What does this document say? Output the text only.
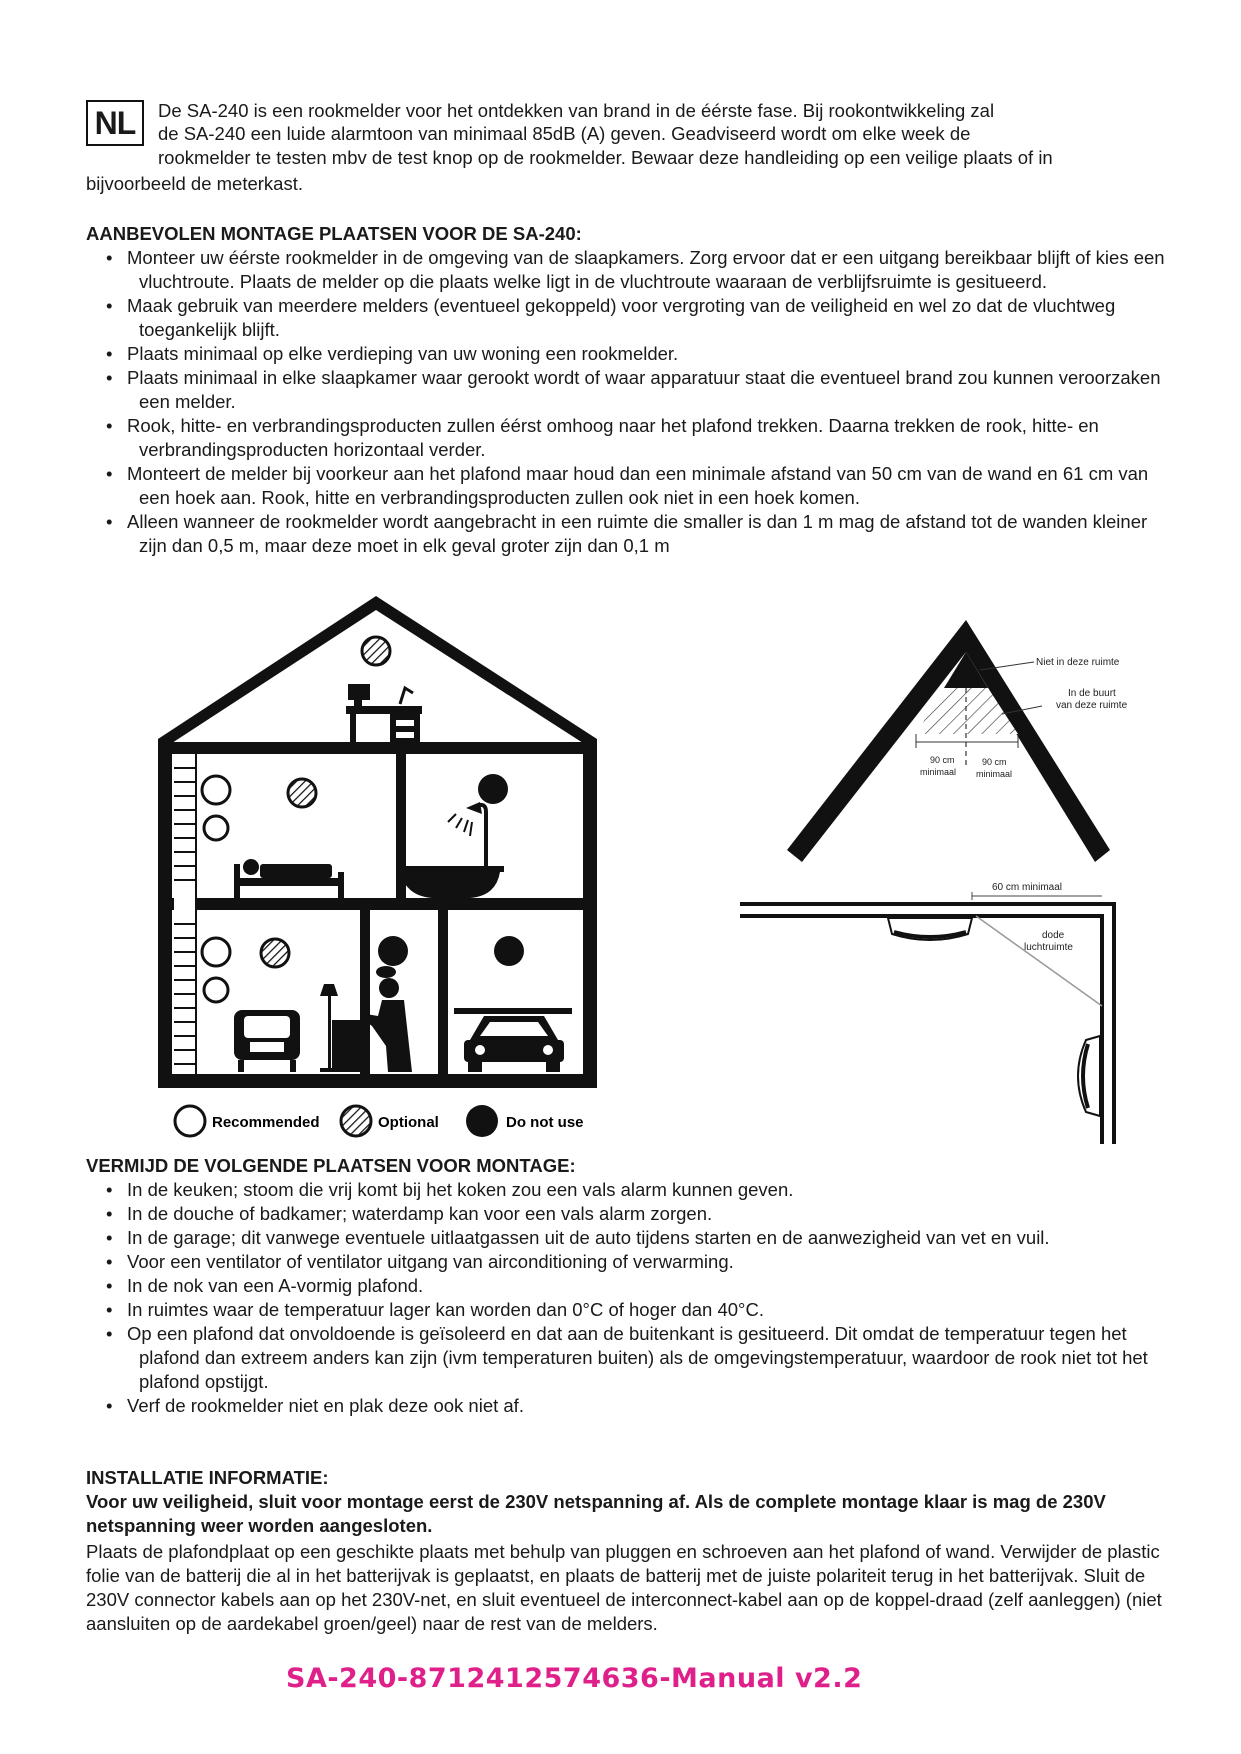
NL	De SA-240 is een rookmelder voor het ontdekken van brand in de éérste fase. Bij rookontwikkeling zal
de SA-240 een luide alarmtoon van minimaal 85dB (A) geven. Geadviseerd wordt om elke week de
rookmelder te testen mbv de test knop op de rookmelder. Bewaar deze handleiding op een veilige plaats of in
bijvoorbeeld de meterkast.
AANBEVOLEN MONTAGE PLAATSEN VOOR DE SA-240:
• Monteer uw éérste rookmelder in de omgeving van de slaapkamers. Zorg ervoor dat er een uitgang bereikbaar blijft of kies een vluchtroute. Plaats de melder op die plaats welke ligt in de vluchtroute waaraan de verblijfsruimte is gesitueerd.
• Maak gebruik van meerdere melders (eventueel gekoppeld) voor vergroting van de veiligheid en wel zo dat de vluchtweg toegankelijk blijft.
• Plaats minimaal op elke verdieping van uw woning een rookmelder.
• Plaats minimaal in elke slaapkamer waar gerookt wordt of waar apparatuur staat die eventueel brand zou kunnen veroorzaken een melder.
• Rook, hitte- en verbrandingsproducten zullen éérst omhoog naar het plafond trekken. Daarna trekken de rook, hitte- en verbrandingsproducten horizontaal verder.
• Monteert de melder bij voorkeur aan het plafond maar houd dan een minimale afstand van 50 cm van de wand en 61 cm van een hoek aan. Rook, hitte en verbrandingsproducten zullen ook niet in een hoek komen.
• Alleen wanneer de rookmelder wordt aangebracht in een ruimte die smaller is dan 1 m mag de afstand tot de wanden kleiner zijn dan 0,5 m, maar deze moet in elk geval groter zijn dan 0,1 m
Recommended	Optional	Do not use
Niet in deze ruimte
In de buurt
van deze ruimte
90 cm
minimaal
90 cm
minimaal
60 cm minimaal
dode
luchtruimte
VERMIJD DE VOLGENDE PLAATSEN VOOR MONTAGE:
• In de keuken; stoom die vrij komt bij het koken zou een vals alarm kunnen geven.
• In de douche of badkamer; waterdamp kan voor een vals alarm zorgen.
• In de garage; dit vanwege eventuele uitlaatgassen uit de auto tijdens starten en de aanwezigheid van vet en vuil.
• Voor een ventilator of ventilator uitgang van airconditioning of verwarming.
• In de nok van een A-vormig plafond.
• In ruimtes waar de temperatuur lager kan worden dan 0°C of hoger dan 40°C.
• Op een plafond dat onvoldoende is geïsoleerd en dat aan de buitenkant is gesitueerd. Dit omdat de temperatuur tegen het plafond dan extreem anders kan zijn (ivm temperaturen buiten) als de omgevingstemperatuur, waardoor de rook niet tot het plafond opstijgt.
• Verf de rookmelder niet en plak deze ook niet af.
INSTALLATIE INFORMATIE:
Voor uw veiligheid, sluit voor montage eerst de 230V netspanning af. Als de complete montage klaar is mag de 230V netspanning weer worden aangesloten.
Plaats de plafondplaat op een geschikte plaats met behulp van pluggen en schroeven aan het plafond of wand. Verwijder de plastic folie van de batterij die al in het batterijvak is geplaatst, en plaats de batterij met de juiste polariteit terug in het batterijvak. Sluit de 230V connector kabels aan op het 230V-net, en sluit eventueel de interconnect-kabel aan op de koppel-draad (zelf aanleggen) (niet aansluiten op de aardekabel groen/geel) naar de rest van de melders.
SA-240-8712412574636-Manual v2.2
